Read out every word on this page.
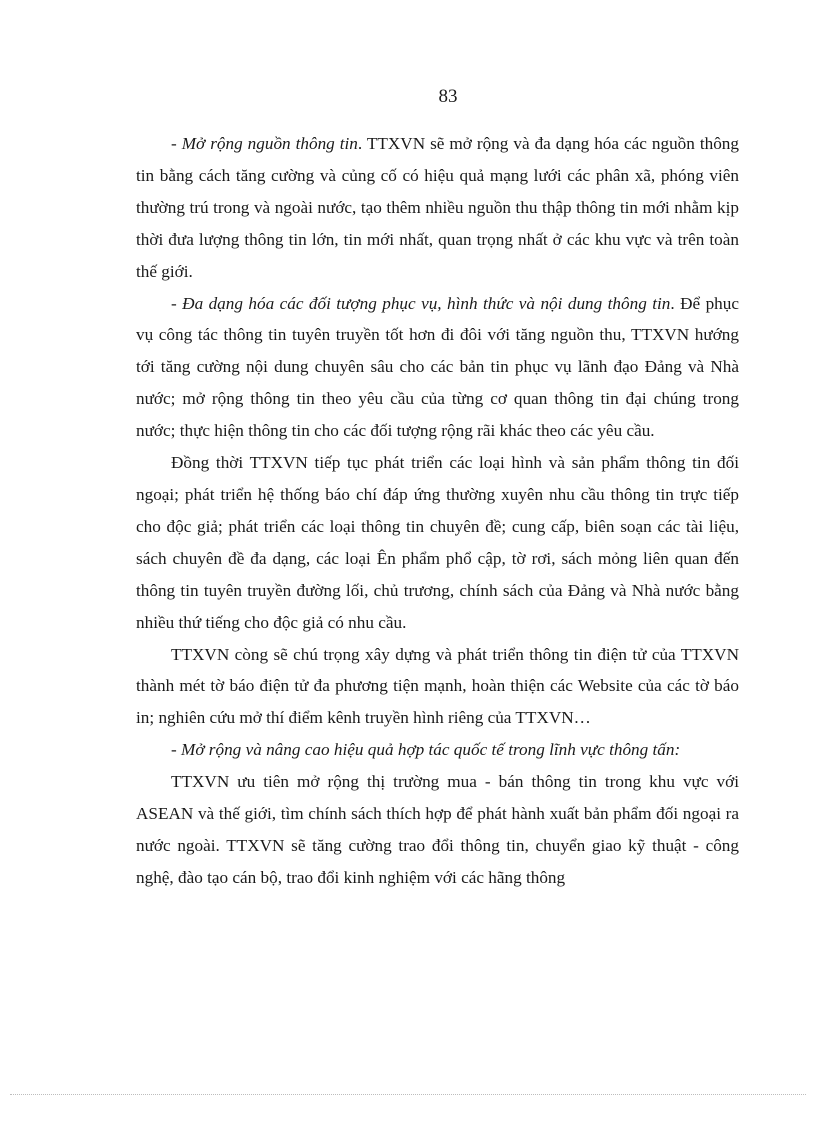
83

- Mở rộng nguồn thông tin. TTXVN sẽ mở rộng và đa dạng hóa các nguồn thông tin bằng cách tăng cường và củng cố có hiệu quả mạng lưới các phân xã, phóng viên thường trú trong và ngoài nước, tạo thêm nhiều nguồn thu thập thông tin mới nhằm kịp thời đưa lượng thông tin lớn, tin mới nhất, quan trọng nhất ở các khu vực và trên toàn thế giới.

- Đa dạng hóa các đối tượng phục vụ, hình thức và nội dung thông tin. Để phục vụ công tác thông tin tuyên truyền tốt hơn đi đôi với tăng nguồn thu, TTXVN hướng tới tăng cường nội dung chuyên sâu cho các bản tin phục vụ lãnh đạo Đảng và Nhà nước; mở rộng thông tin theo yêu cầu của từng cơ quan thông tin đại chúng trong nước; thực hiện thông tin cho các đối tượng rộng rãi khác theo các yêu cầu.

Đồng thời TTXVN tiếp tục phát triển các loại hình và sản phẩm thông tin đối ngoại; phát triển hệ thống báo chí đáp ứng thường xuyên nhu cầu thông tin trực tiếp cho độc giả; phát triển các loại thông tin chuyên đề; cung cấp, biên soạn các tài liệu, sách chuyên đề đa dạng, các loại Ên phẩm phổ cập, tờ rơi, sách mỏng liên quan đến thông tin tuyên truyền đường lối, chủ trương, chính sách của Đảng và Nhà nước bằng nhiều thứ tiếng cho độc giả có nhu cầu.

TTXVN còng sẽ chú trọng xây dựng và phát triển thông tin điện tử của TTXVN thành mét tờ báo điện tử đa phương tiện mạnh, hoàn thiện các Website của các tờ báo in; nghiên cứu mở thí điểm kênh truyền hình riêng của TTXVN…

- Mở rộng và nâng cao hiệu quả hợp tác quốc tế trong lĩnh vực thông tấn:

TTXVN ưu tiên mở rộng thị trường mua - bán thông tin trong khu vực với ASEAN và thế giới, tìm chính sách thích hợp để phát hành xuất bản phẩm đối ngoại ra nước ngoài. TTXVN sẽ tăng cường trao đổi thông tin, chuyển giao kỹ thuật - công nghệ, đào tạo cán bộ, trao đổi kinh nghiệm với các hãng thông
